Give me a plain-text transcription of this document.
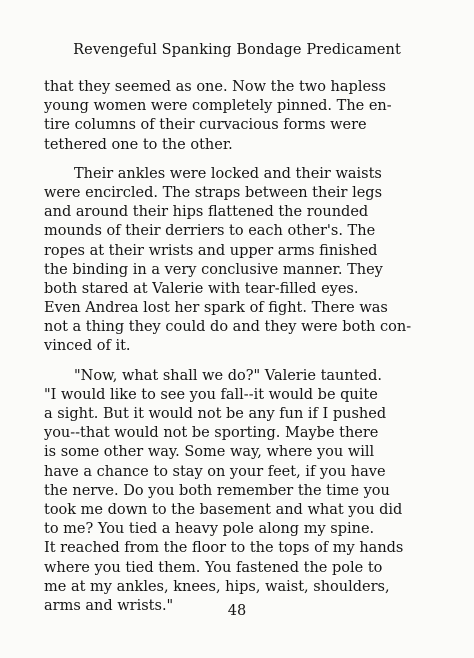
Revengeful Spanking Bondage Predicament
that they seemed as one. Now the two hapless
young women were completely pinned. The en-
tire columns of their curvacious forms were
tethered one to the other.
Their ankles were locked and their waists
were encircled. The straps between their legs
and around their hips flattened the rounded
mounds of their derriers to each other's. The
ropes at their wrists and upper arms finished
the binding in a very conclusive manner. They
both stared at Valerie with tear-filled eyes.
Even Andrea lost her spark of fight. There was
not a thing they could do and they were both con-
vinced of it.
"Now, what shall we do?" Valerie taunted.
"I would like to see you fall--it would be quite
a sight. But it would not be any fun if I pushed
you--that would not be sporting. Maybe there
is some other way. Some way, where you will
have a chance to stay on your feet, if you have
the nerve. Do you both remember the time you
took me down to the basement and what you did
to me? You tied a heavy pole along my spine.
It reached from the floor to the tops of my hands
where you tied them. You fastened the pole to
me at my ankles, knees, hips, waist, shoulders,
arms and wrists."	48
